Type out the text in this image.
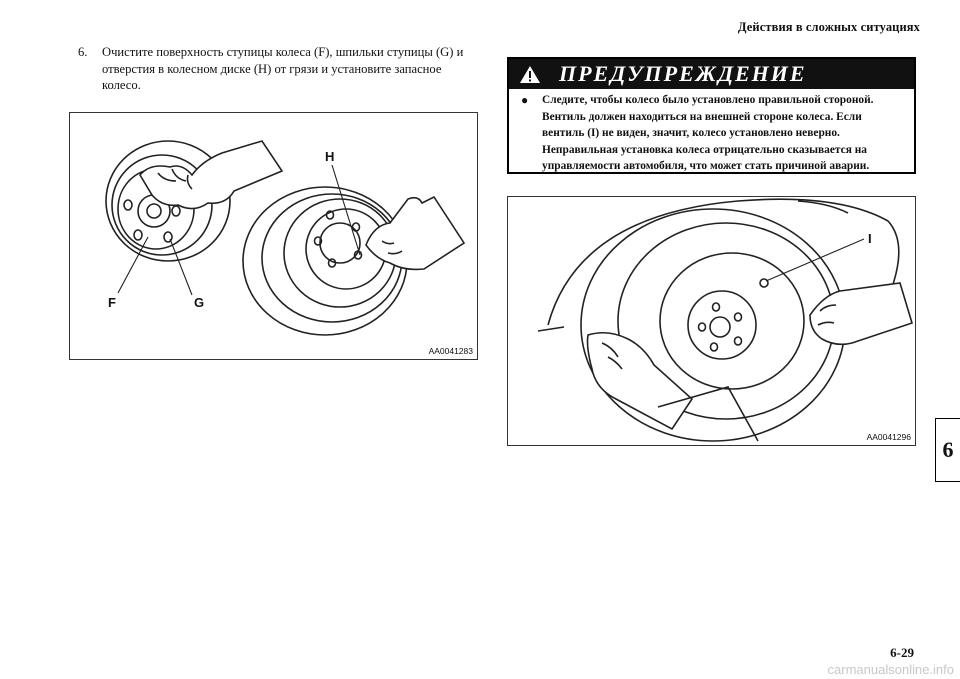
Действия в сложных ситуациях
6. Очистите поверхность ступицы колеса (F), шпильки ступицы (G) и отверстия в колесном диске (H) от грязи и установите запасное колесо.
F	G
H
AA0041283
ПРЕДУПРЕЖДЕНИЕ
● Следите, чтобы колесо было установлено правильной стороной. Вентиль должен находиться на внешней стороне колеса. Если вентиль (I) не виден, значит, колесо установлено неверно. Неправильная установка колеса отрицательно сказывается на управляемости автомобиля, что может стать причиной аварии.
I
AA0041296	6
6-29
carmanualsonline.info
